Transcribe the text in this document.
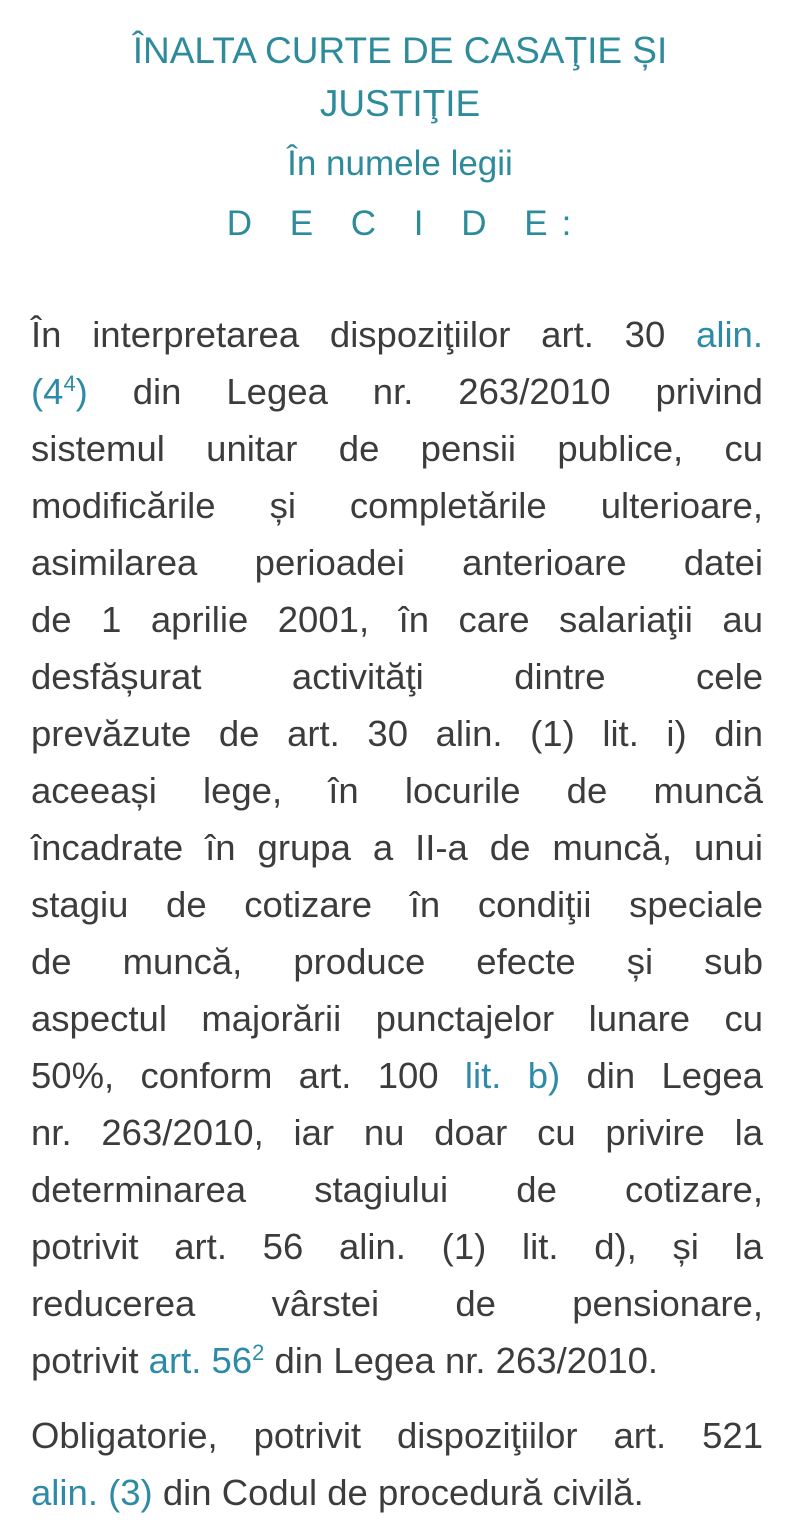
ÎNALTA CURTE DE CASAŢIE ȘI
JUSTIŢIE
În numele legii
D E C I D E:
În interpretarea dispoziţiilor art. 30 alin.
$(4^4)$ din Legea nr. 263/2010 privind
sistemul unitar de pensii publice, cu
modificările și completările ulterioare,
asimilarea perioadei anterioare datei
de 1 aprilie 2001, în care salariaţii au
desfășurat activităţi dintre cele
prevăzute de art. 30 alin. (1) lit. i) din
aceeași lege, în locurile de muncă
încadrate în grupa a II-a de muncă, unui
stagiu de cotizare în condiţii speciale
de muncă, produce efecte și sub
aspectul majorării punctajelor lunare cu
50%, conform art. 100 lit. b) din Legea
nr. 263/2010, iar nu doar cu privire la
determinarea stagiului de cotizare,
potrivit art. 56 alin. (1) lit. d), și la
reducerea vârstei de pensionare,
potrivit art. $56^2$ din Legea nr. 263/2010.
Obligatorie, potrivit dispoziţiilor art. 521
alin. (3) din Codul de procedură civilă.
